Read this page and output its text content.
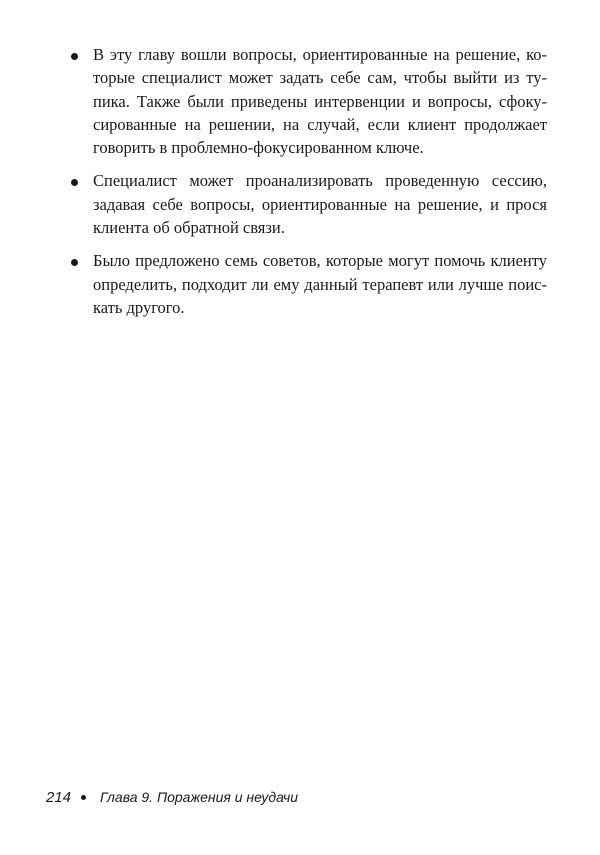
В эту главу вошли вопросы, ориентированные на решение, ко-
торые специалист может задать себе сам, чтобы выйти из ту-
пика. Также были приведены интервенции и вопросы, сфоку-
сированные на решении, на случай, если клиент продолжает
говорить в проблемно-фокусированном ключе.
Специалист может проанализировать проведенную сессию,
задавая себе вопросы, ориентированные на решение, и прося
клиента об обратной связи.
Было предложено семь советов, которые могут помочь клиенту
определить, подходит ли ему данный терапевт или лучше поис-
кать другого.
214 Глава 9. Поражения и неудачи
